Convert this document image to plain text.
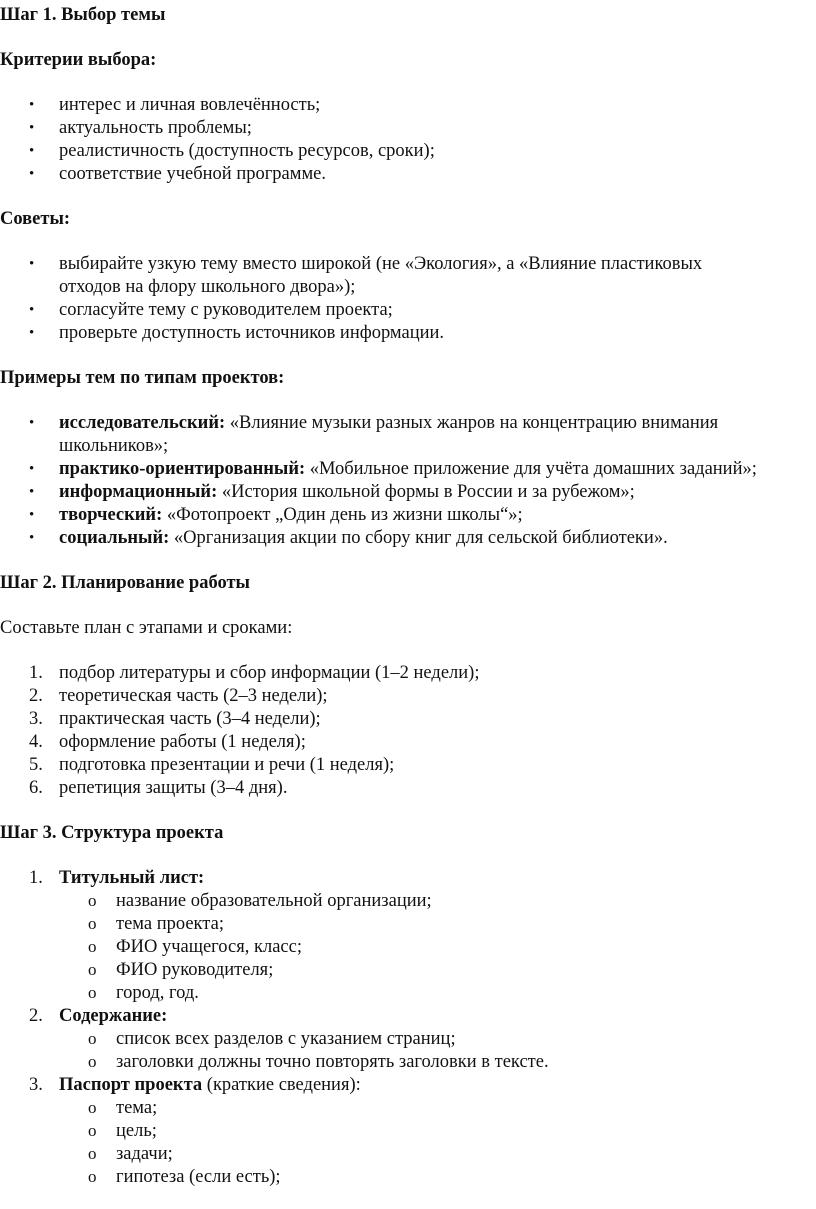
Шаг 1. Выбор темы
Критерии выбора:
• интерес и личная вовлечённость;
• актуальность проблемы;
• реалистичность (доступность ресурсов, сроки);
• соответствие учебной программе.
Советы:
• выбирайте узкую тему вместо широкой (не «Экология», а «Влияние пластиковых
отходов на флору школьного двора»);
• согласуйте тему с руководителем проекта;
• проверьте доступность источников информации.
Примеры тем по типам проектов:
• исследовательский: «Влияние музыки разных жанров на концентрацию внимания
школьников»;
• практико-ориентированный: «Мобильное приложение для учёта домашних заданий»;
• информационный: «История школьной формы в России и за рубежом»;
• творческий: «Фотопроект „Один день из жизни школы“»;
• социальный: «Организация акции по сбору книг для сельской библиотеки».
Шаг 2. Планирование работы
Составьте план с этапами и сроками:
1. подбор литературы и сбор информации (1–2 недели);
2. теоретическая часть (2–3 недели);
3. практическая часть (3–4 недели);
4. оформление работы (1 неделя);
5. подготовка презентации и речи (1 неделя);
6. репетиция защиты (3–4 дня).
Шаг 3. Структура проекта
1. Титульный лист:
o название образовательной организации;
o тема проекта;
o ФИО учащегося, класс;
o ФИО руководителя;
o город, год.
2. Содержание:
o список всех разделов с указанием страниц;
o заголовки должны точно повторять заголовки в тексте.
3. Паспорт проекта (краткие сведения):
o тема;
o цель;
o задачи;
o гипотеза (если есть);
